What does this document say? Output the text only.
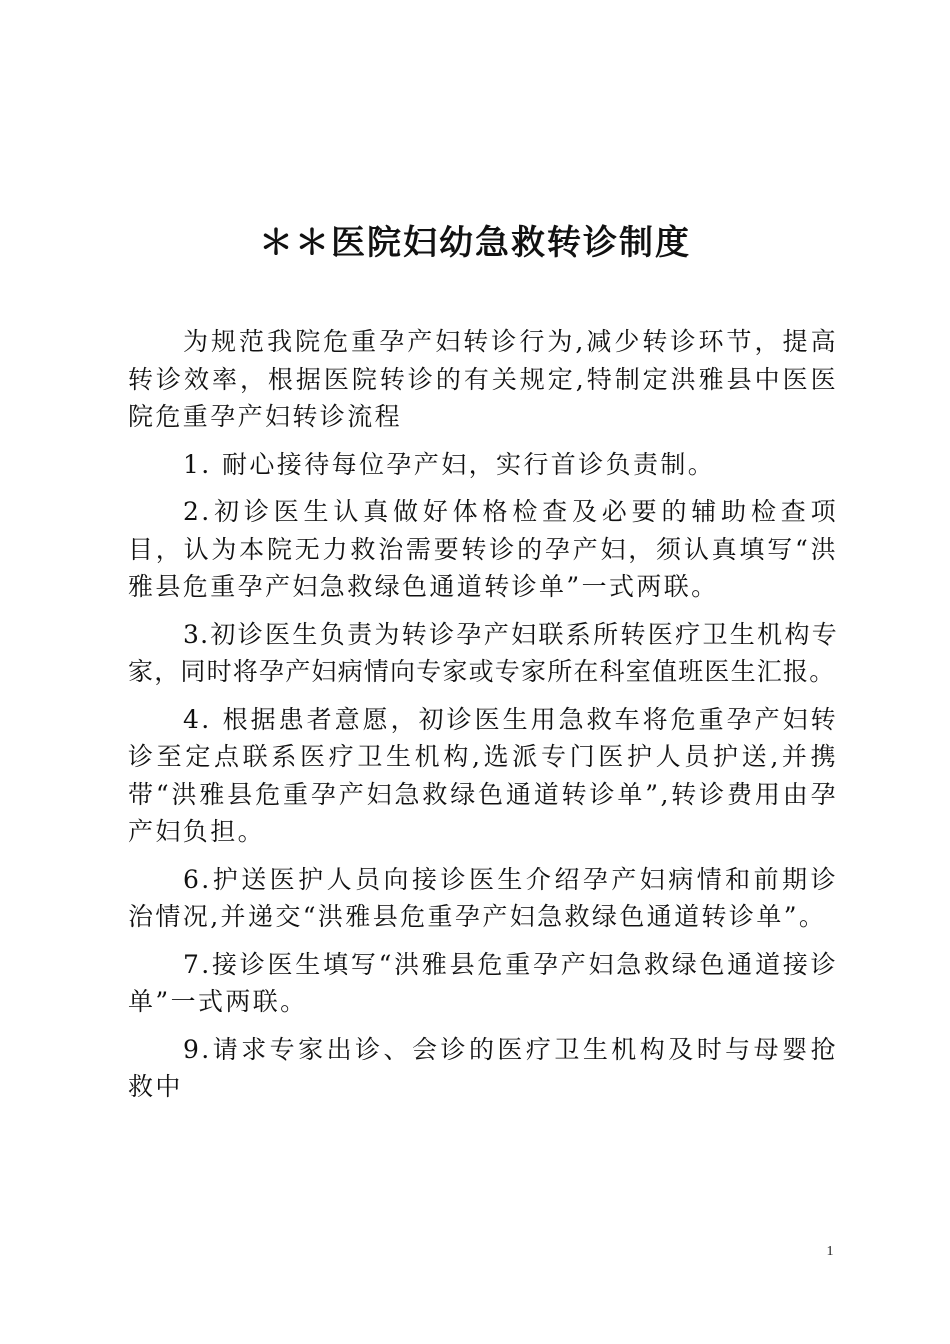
＊＊医院妇幼急救转诊制度

为规范我院危重孕产妇转诊行为,减少转诊环节，提高转诊效率，根据医院转诊的有关规定,特制定洪雅县中医医院危重孕产妇转诊流程

1. 耐心接待每位孕产妇，实行首诊负责制。

2.初诊医生认真做好体格检查及必要的辅助检查项目，认为本院无力救治需要转诊的孕产妇，须认真填写“洪雅县危重孕产妇急救绿色通道转诊单”一式两联。

3.初诊医生负责为转诊孕产妇联系所转医疗卫生机构专家，同时将孕产妇病情向专家或专家所在科室值班医生汇报。

4. 根据患者意愿，初诊医生用急救车将危重孕产妇转诊至定点联系医疗卫生机构,选派专门医护人员护送,并携带“洪雅县危重孕产妇急救绿色通道转诊单”,转诊费用由孕产妇负担。

6.护送医护人员向接诊医生介绍孕产妇病情和前期诊治情况,并递交“洪雅县危重孕产妇急救绿色通道转诊单”。

7.接诊医生填写“洪雅县危重孕产妇急救绿色通道接诊单”一式两联。

9.请求专家出诊、会诊的医疗卫生机构及时与母婴抢救中

1
